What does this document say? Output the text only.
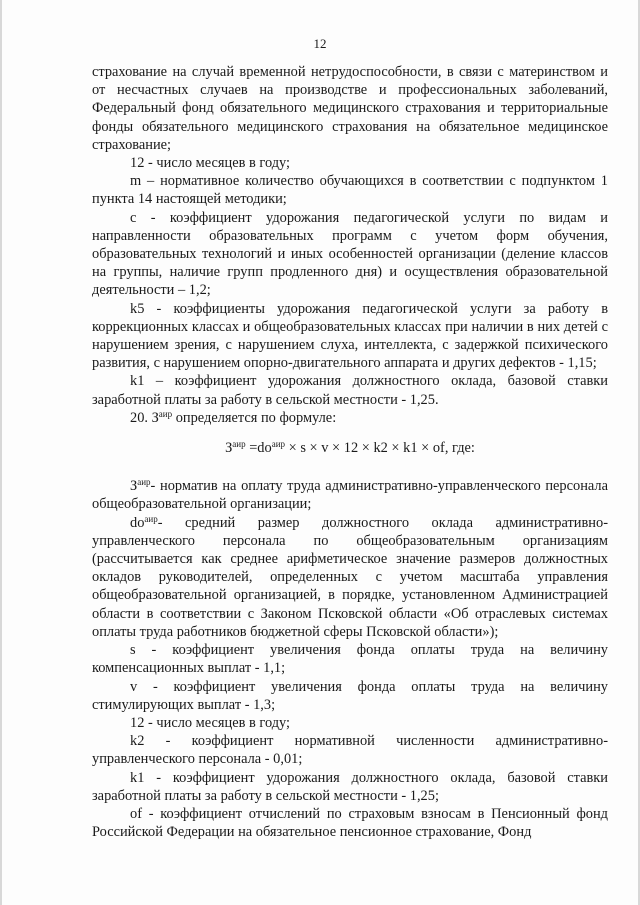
12

страхование на случай временной нетрудоспособности, в связи с материнством и от несчастных случаев на производстве и профессиональных заболеваний, Федеральный фонд обязательного медицинского страхования и территориальные фонды обязательного медицинского страхования на обязательное медицинское страхование;

12 - число месяцев в году;

m – нормативное количество обучающихся в соответствии с подпунктом 1 пункта 14 настоящей методики;

c - коэффициент удорожания педагогической услуги по видам и направленности образовательных программ с учетом форм обучения, образовательных технологий и иных особенностей организации (деление классов на группы, наличие групп продленного дня) и осуществления образовательной деятельности – 1,2;

k5 - коэффициенты удорожания педагогической услуги за работу в коррекционных классах и общеобразовательных классах при наличии в них детей с нарушением зрения, с нарушением слуха, интеллекта, с задержкой психического развития, с нарушением опорно-двигательного аппарата и других дефектов - 1,15;

k1 – коэффициент удорожания должностного оклада, базовой ставки заработной платы за работу в сельской местности - 1,25.

20. $З^{аир}$ определяется по формуле:

$З^{аир} =do^{аир} \times s \times v \times 12 \times k2 \times k1$ × of, где:

$З^{аир}-$ норматив на оплату труда административно-управленческого персонала общеобразовательной организации;

$do^{аир}-$ средний размер должностного оклада административно-управленческого персонала по общеобразовательным организациям (рассчитывается как среднее арифметическое значение размеров должностных окладов руководителей, определенных с учетом масштаба управления общеобразовательной организацией, в порядке, установленном Администрацией области в соответствии с Законом Псковской области «Об отраслевых системах оплаты труда работников бюджетной сферы Псковской области»);

s - коэффициент увеличения фонда оплаты труда на величину компенсационных выплат - 1,1;

v - коэффициент увеличения фонда оплаты труда на величину стимулирующих выплат - 1,3;

12 - число месяцев в году;

k2 - коэффициент нормативной численности административно-управленческого персонала - 0,01;

k1 - коэффициент удорожания должностного оклада, базовой ставки заработной платы за работу в сельской местности - 1,25;

of - коэффициент отчислений по страховым взносам в Пенсионный фонд Российской Федерации на обязательное пенсионное страхование, Фонд
